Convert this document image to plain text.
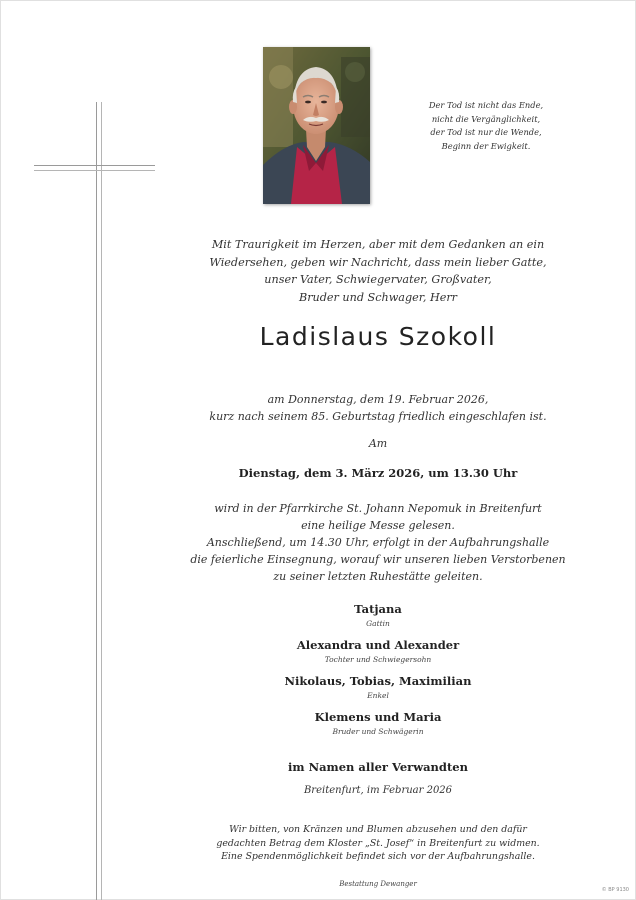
Der Tod ist nicht das Ende,
nicht die Vergänglichkeit,
der Tod ist nur die Wende,
Beginn der Ewigkeit.
Mit Traurigkeit im Herzen, aber mit dem Gedanken an ein
Wiedersehen, geben wir Nachricht, dass mein lieber Gatte,
unser Vater, Schwiegervater, Großvater,
Bruder und Schwager, Herr
Ladislaus Szokoll
am Donnerstag, dem 19. Februar 2026,
kurz nach seinem 85. Geburtstag friedlich eingeschlafen ist.
Am
Dienstag, dem 3. März 2026, um 13.30 Uhr
wird in der Pfarrkirche St. Johann Nepomuk in Breitenfurt
eine heilige Messe gelesen.
Anschließend, um 14.30 Uhr, erfolgt in der Aufbahrungshalle
die feierliche Einsegnung, worauf wir unseren lieben Verstorbenen
zu seiner letzten Ruhestätte geleiten.
Tatjana
Gattin
Alexandra und Alexander
Tochter und Schwiegersohn
Nikolaus, Tobias, Maximilian
Enkel
Klemens und Maria
Bruder und Schwägerin
im Namen aller Verwandten
Breitenfurt, im Februar 2026
Wir bitten, von Kränzen und Blumen abzusehen und den dafür
gedachten Betrag dem Kloster „St. Josef“ in Breitenfurt zu widmen.
Eine Spendenmöglichkeit befindet sich vor der Aufbahrungshalle.
Bestattung Dewanger
© BP 9130
